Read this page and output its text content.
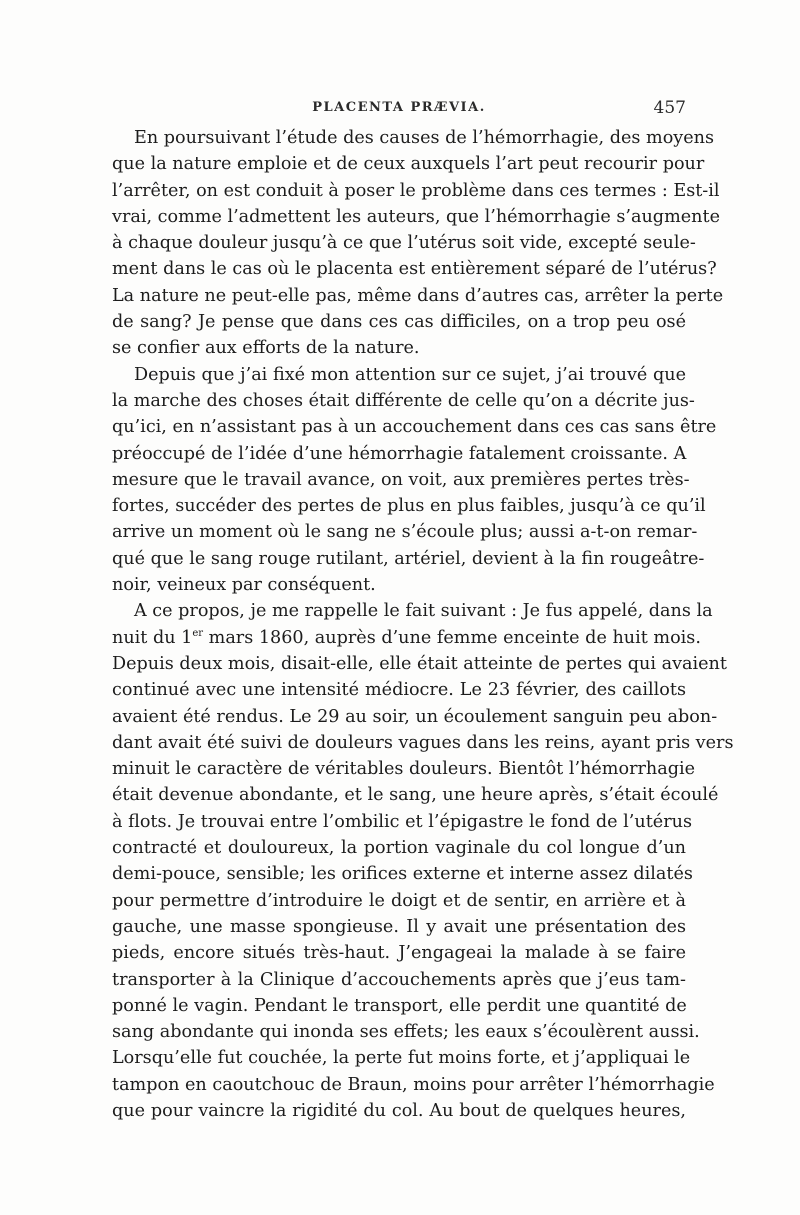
PLACENTA PRÆVIA.	457
En poursuivant l’étude des causes de l’hémorrhagie, des moyens
que la nature emploie et de ceux auxquels l’art peut recourir pour
l’arrêter, on est conduit à poser le problème dans ces termes : Est-il
vrai, comme l’admettent les auteurs, que l’hémorrhagie s’augmente
à chaque douleur jusqu’à ce que l’utérus soit vide, excepté seule-
ment dans le cas où le placenta est entièrement séparé de l’utérus?
La nature ne peut-elle pas, même dans d’autres cas, arrêter la perte
de sang? Je pense que dans ces cas difficiles, on a trop peu osé
se confier aux efforts de la nature.
Depuis que j’ai fixé mon attention sur ce sujet, j’ai trouvé que
la marche des choses était différente de celle qu’on a décrite jus-
qu’ici, en n’assistant pas à un accouchement dans ces cas sans être
préoccupé de l’idée d’une hémorrhagie fatalement croissante. A
mesure que le travail avance, on voit, aux premières pertes très-
fortes, succéder des pertes de plus en plus faibles, jusqu’à ce qu’il
arrive un moment où le sang ne s’écoule plus; aussi a-t-on remar-
qué que le sang rouge rutilant, artériel, devient à la fin rougeâtre-
noir, veineux par conséquent.
A ce propos, je me rappelle le fait suivant : Je fus appelé, dans la
nuit du 1er mars 1860, auprès d’une femme enceinte de huit mois.
Depuis deux mois, disait-elle, elle était atteinte de pertes qui avaient
continué avec une intensité médiocre. Le 23 février, des caillots
avaient été rendus. Le 29 au soir, un écoulement sanguin peu abon-
dant avait été suivi de douleurs vagues dans les reins, ayant pris vers
minuit le caractère de véritables douleurs. Bientôt l’hémorrhagie
était devenue abondante, et le sang, une heure après, s’était écoulé
à flots. Je trouvai entre l’ombilic et l’épigastre le fond de l’utérus
contracté et douloureux, la portion vaginale du col longue d’un
demi-pouce, sensible; les orifices externe et interne assez dilatés
pour permettre d’introduire le doigt et de sentir, en arrière et à
gauche, une masse spongieuse. Il y avait une présentation des
pieds, encore situés très-haut. J’engageai la malade à se faire
transporter à la Clinique d’accouchements après que j’eus tam-
ponné le vagin. Pendant le transport, elle perdit une quantité de
sang abondante qui inonda ses effets; les eaux s’écoulèrent aussi.
Lorsqu’elle fut couchée, la perte fut moins forte, et j’appliquai le
tampon en caoutchouc de Braun, moins pour arrêter l’hémorrhagie
que pour vaincre la rigidité du col. Au bout de quelques heures,
